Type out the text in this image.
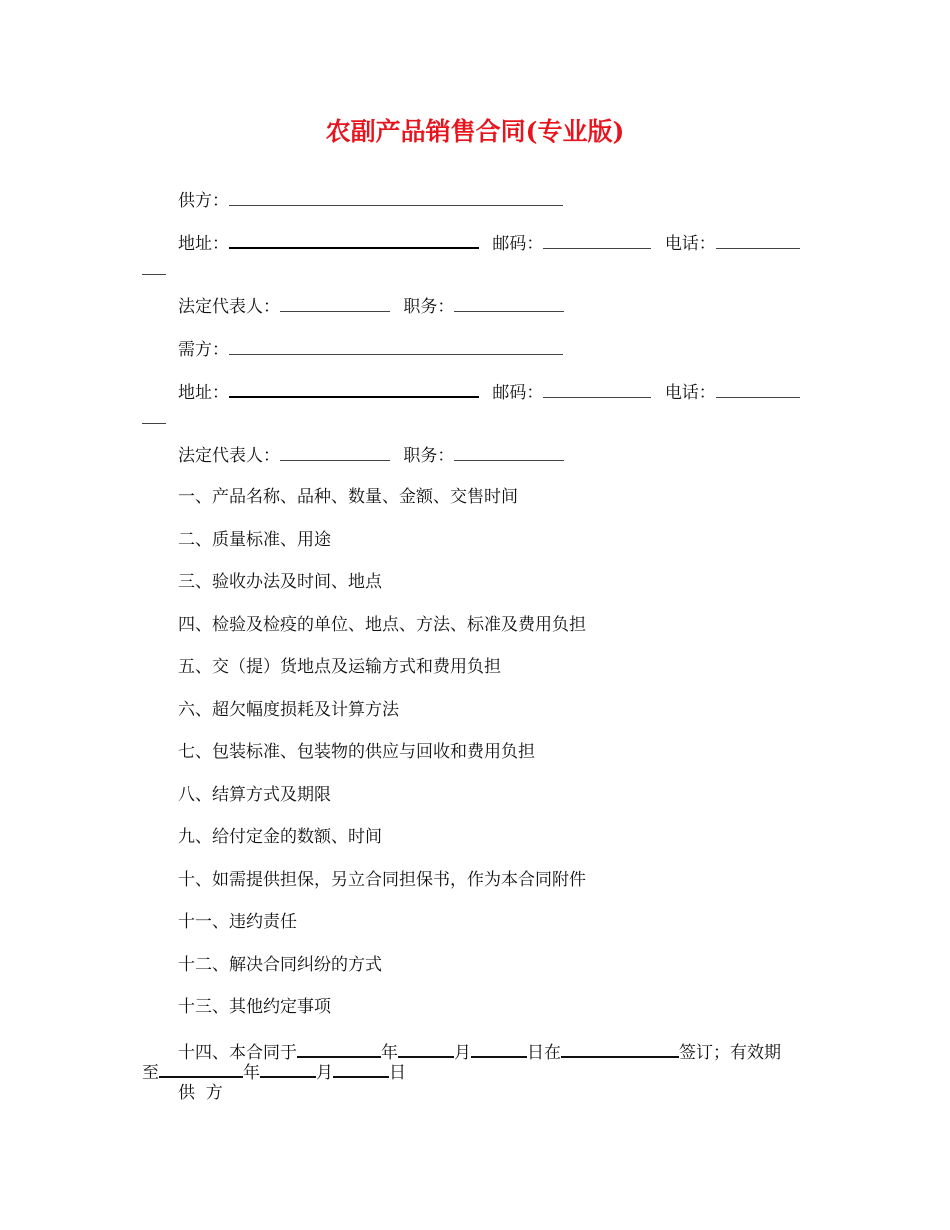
农副产品销售合同(专业版)
供方：
地址：	邮码：	电话：
法定代表人：	职务：
需方：
地址：	邮码：	电话：
法定代表人：	职务：
一、产品名称、品种、数量、金额、交售时间
二、质量标准、用途
三、验收办法及时间、地点
四、检验及检疫的单位、地点、方法、标准及费用负担
五、交（提）货地点及运输方式和费用负担
六、超欠幅度损耗及计算方法
七、包装标准、包装物的供应与回收和费用负担
八、结算方式及期限
九、给付定金的数额、时间
十、如需提供担保，另立合同担保书，作为本合同附件
十一、违约责任
十二、解决合同纠纷的方式
十三、其他约定事项
十四、本合同于	年	月	日在	签订；有效期
至	年	月	日
供  方
